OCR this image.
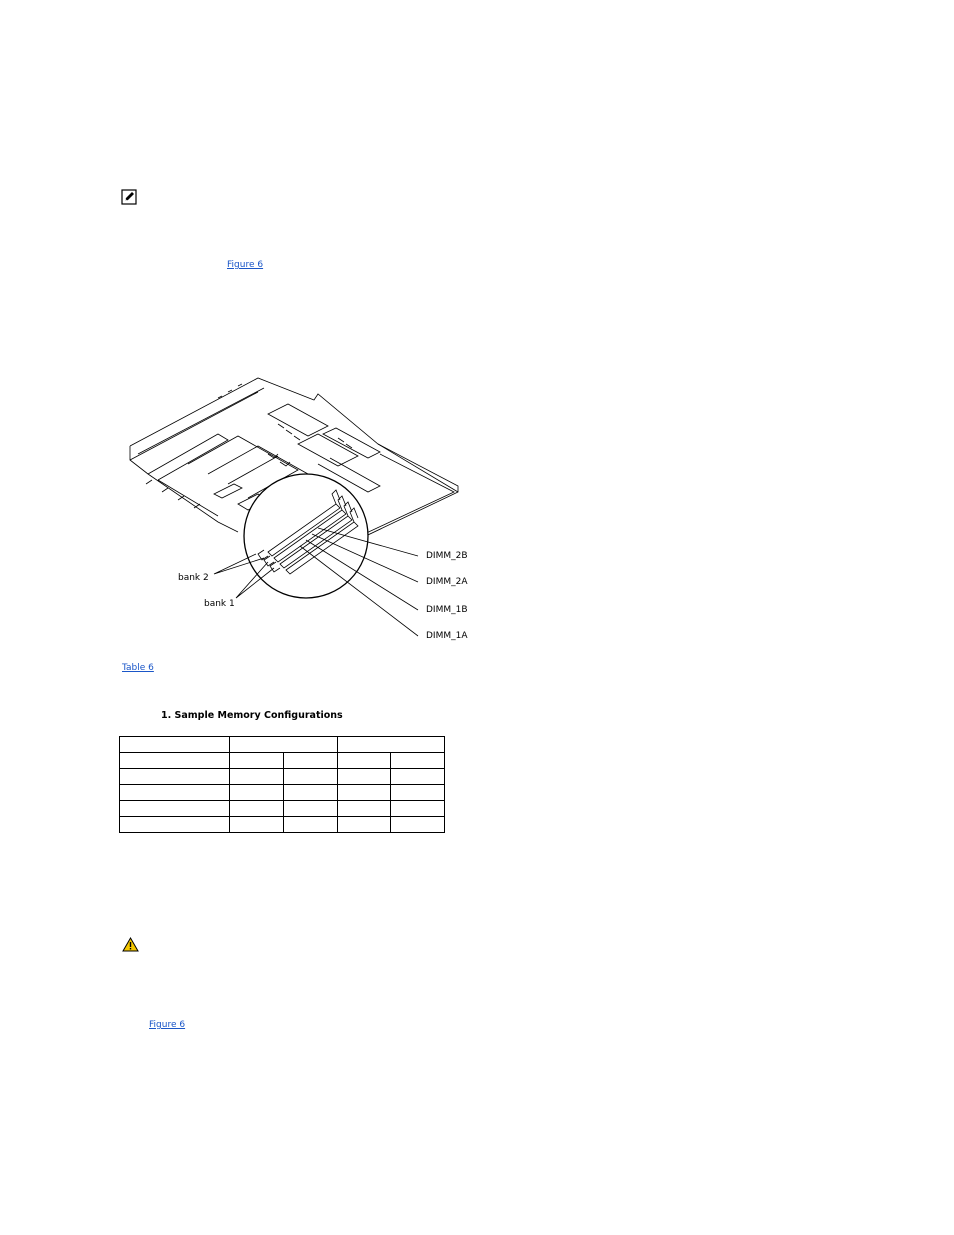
Figure 6
bank 2
bank 1
DIMM_2B
DIMM_2A
DIMM_1B
DIMM_1A
Table 6
1. Sample Memory Configurations

Figure 6
